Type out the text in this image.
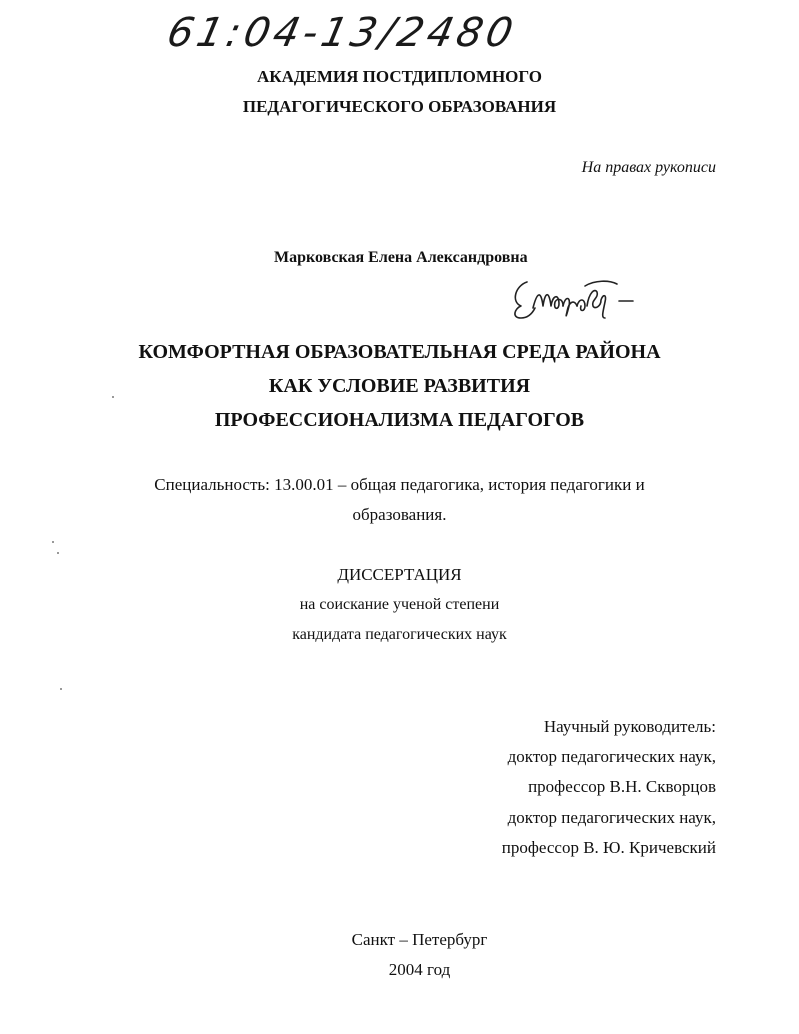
61:04-13/2480

АКАДЕМИЯ ПОСТДИПЛОМНОГО

ПЕДАГОГИЧЕСКОГО ОБРАЗОВАНИЯ

На правах рукописи

Марковская Елена Александровна

Емарков

КОМФОРТНАЯ ОБРАЗОВАТЕЛЬНАЯ СРЕДА РАЙОНА

КАК УСЛОВИЕ РАЗВИТИЯ

ПРОФЕССИОНАЛИЗМА ПЕДАГОГОВ

Специальность: 13.00.01 – общая педагогика, история педагогики и

образования.

ДИССЕРТАЦИЯ

на соискание ученой степени

кандидата педагогических наук

Научный руководитель:

доктор педагогических наук,

профессор В.Н. Скворцов

доктор педагогических наук,

профессор В. Ю. Кричевский

Санкт – Петербург

2004 год
